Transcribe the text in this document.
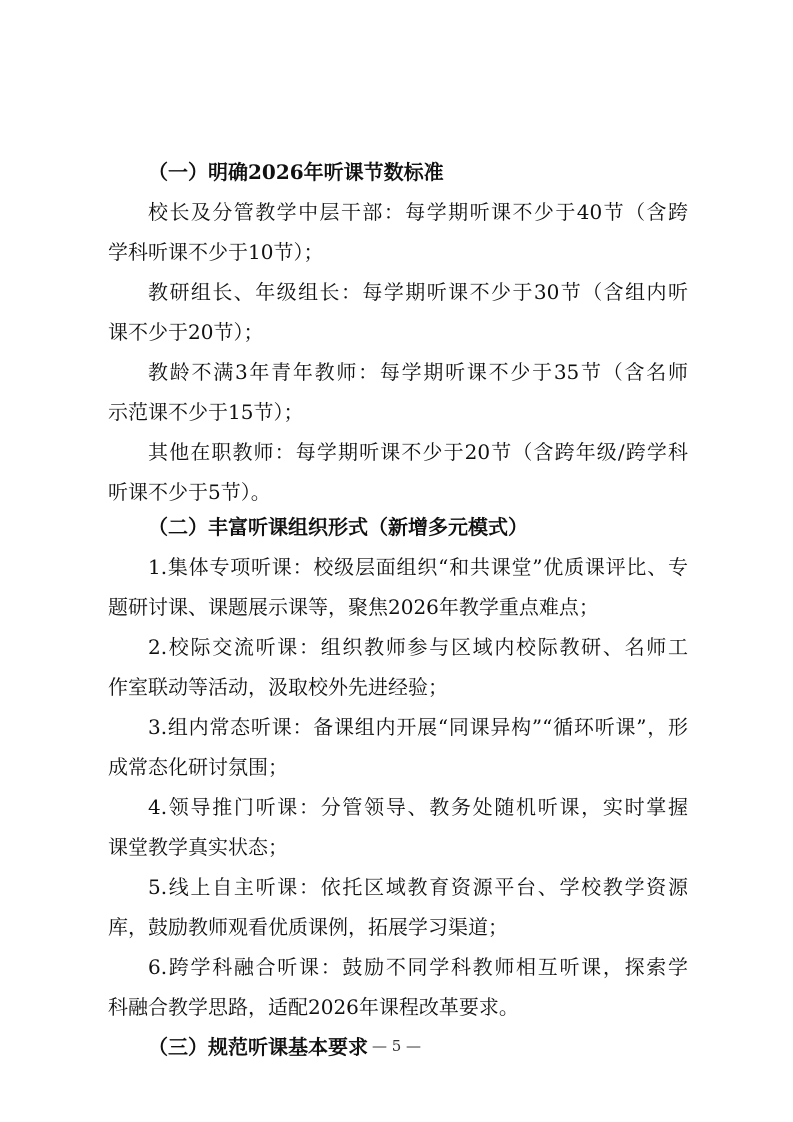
（一）明确2026年听课节数标准
校长及分管教学中层干部：每学期听课不少于40节（含跨
学科听课不少于10节）；
教研组长、年级组长：每学期听课不少于30节（含组内听
课不少于20节）；
教龄不满3年青年教师：每学期听课不少于35节（含名师
示范课不少于15节）；
其他在职教师：每学期听课不少于20节（含跨年级/跨学科
听课不少于5节）。
（二）丰富听课组织形式（新增多元模式）
1.集体专项听课：校级层面组织“和共课堂”优质课评比、专
题研讨课、课题展示课等，聚焦2026年教学重点难点；
2.校际交流听课：组织教师参与区域内校际教研、名师工
作室联动等活动，汲取校外先进经验；
3.组内常态听课：备课组内开展“同课异构”“循环听课”，形
成常态化研讨氛围；
4.领导推门听课：分管领导、教务处随机听课，实时掌握
课堂教学真实状态；
5.线上自主听课：依托区域教育资源平台、学校教学资源
库，鼓励教师观看优质课例，拓展学习渠道；
6.跨学科融合听课：鼓励不同学科教师相互听课，探索学
科融合教学思路，适配2026年课程改革要求。
（三）规范听课基本要求 — 5 —
